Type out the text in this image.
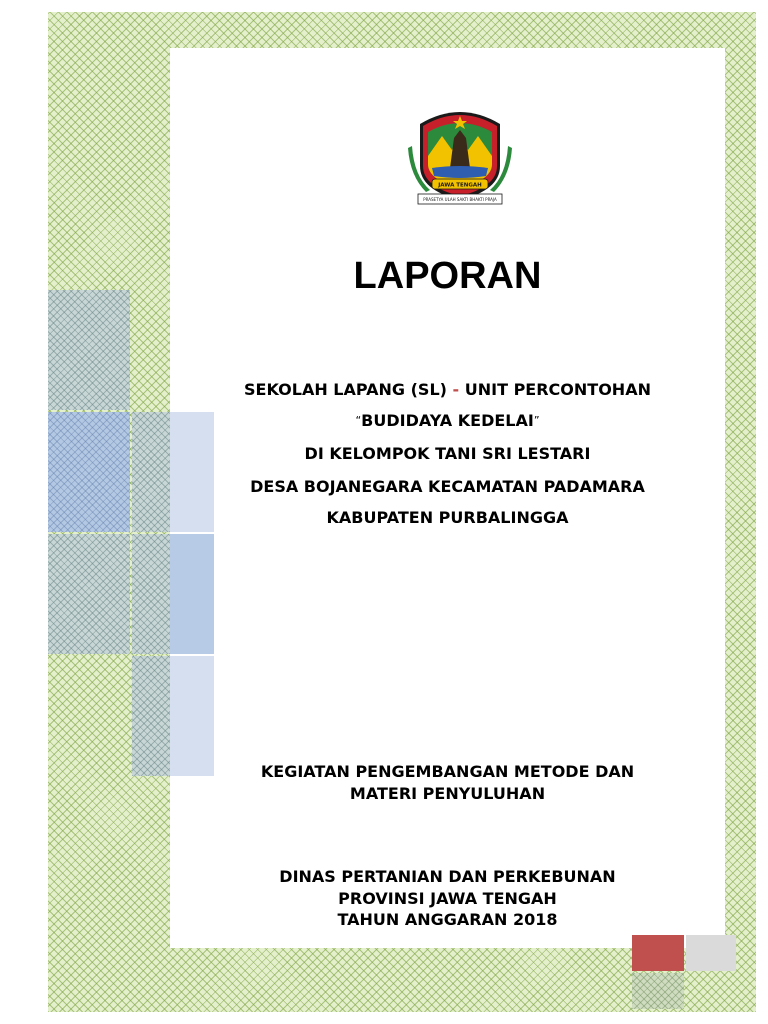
JAWA TENGAH
PRASETYA ULAH SAKTI BHAKTI PRAJA
LAPORAN
SEKOLAH LAPANG (SL) - UNIT PERCONTOHAN
“BUDIDAYA KEDELAI”
DI KELOMPOK TANI SRI LESTARI
DESA BOJANEGARA KECAMATAN PADAMARA
KABUPATEN PURBALINGGA
KEGIATAN PENGEMBANGAN METODE DAN
MATERI PENYULUHAN
DINAS PERTANIAN DAN PERKEBUNAN
PROVINSI JAWA TENGAH
TAHUN ANGGARAN 2018
